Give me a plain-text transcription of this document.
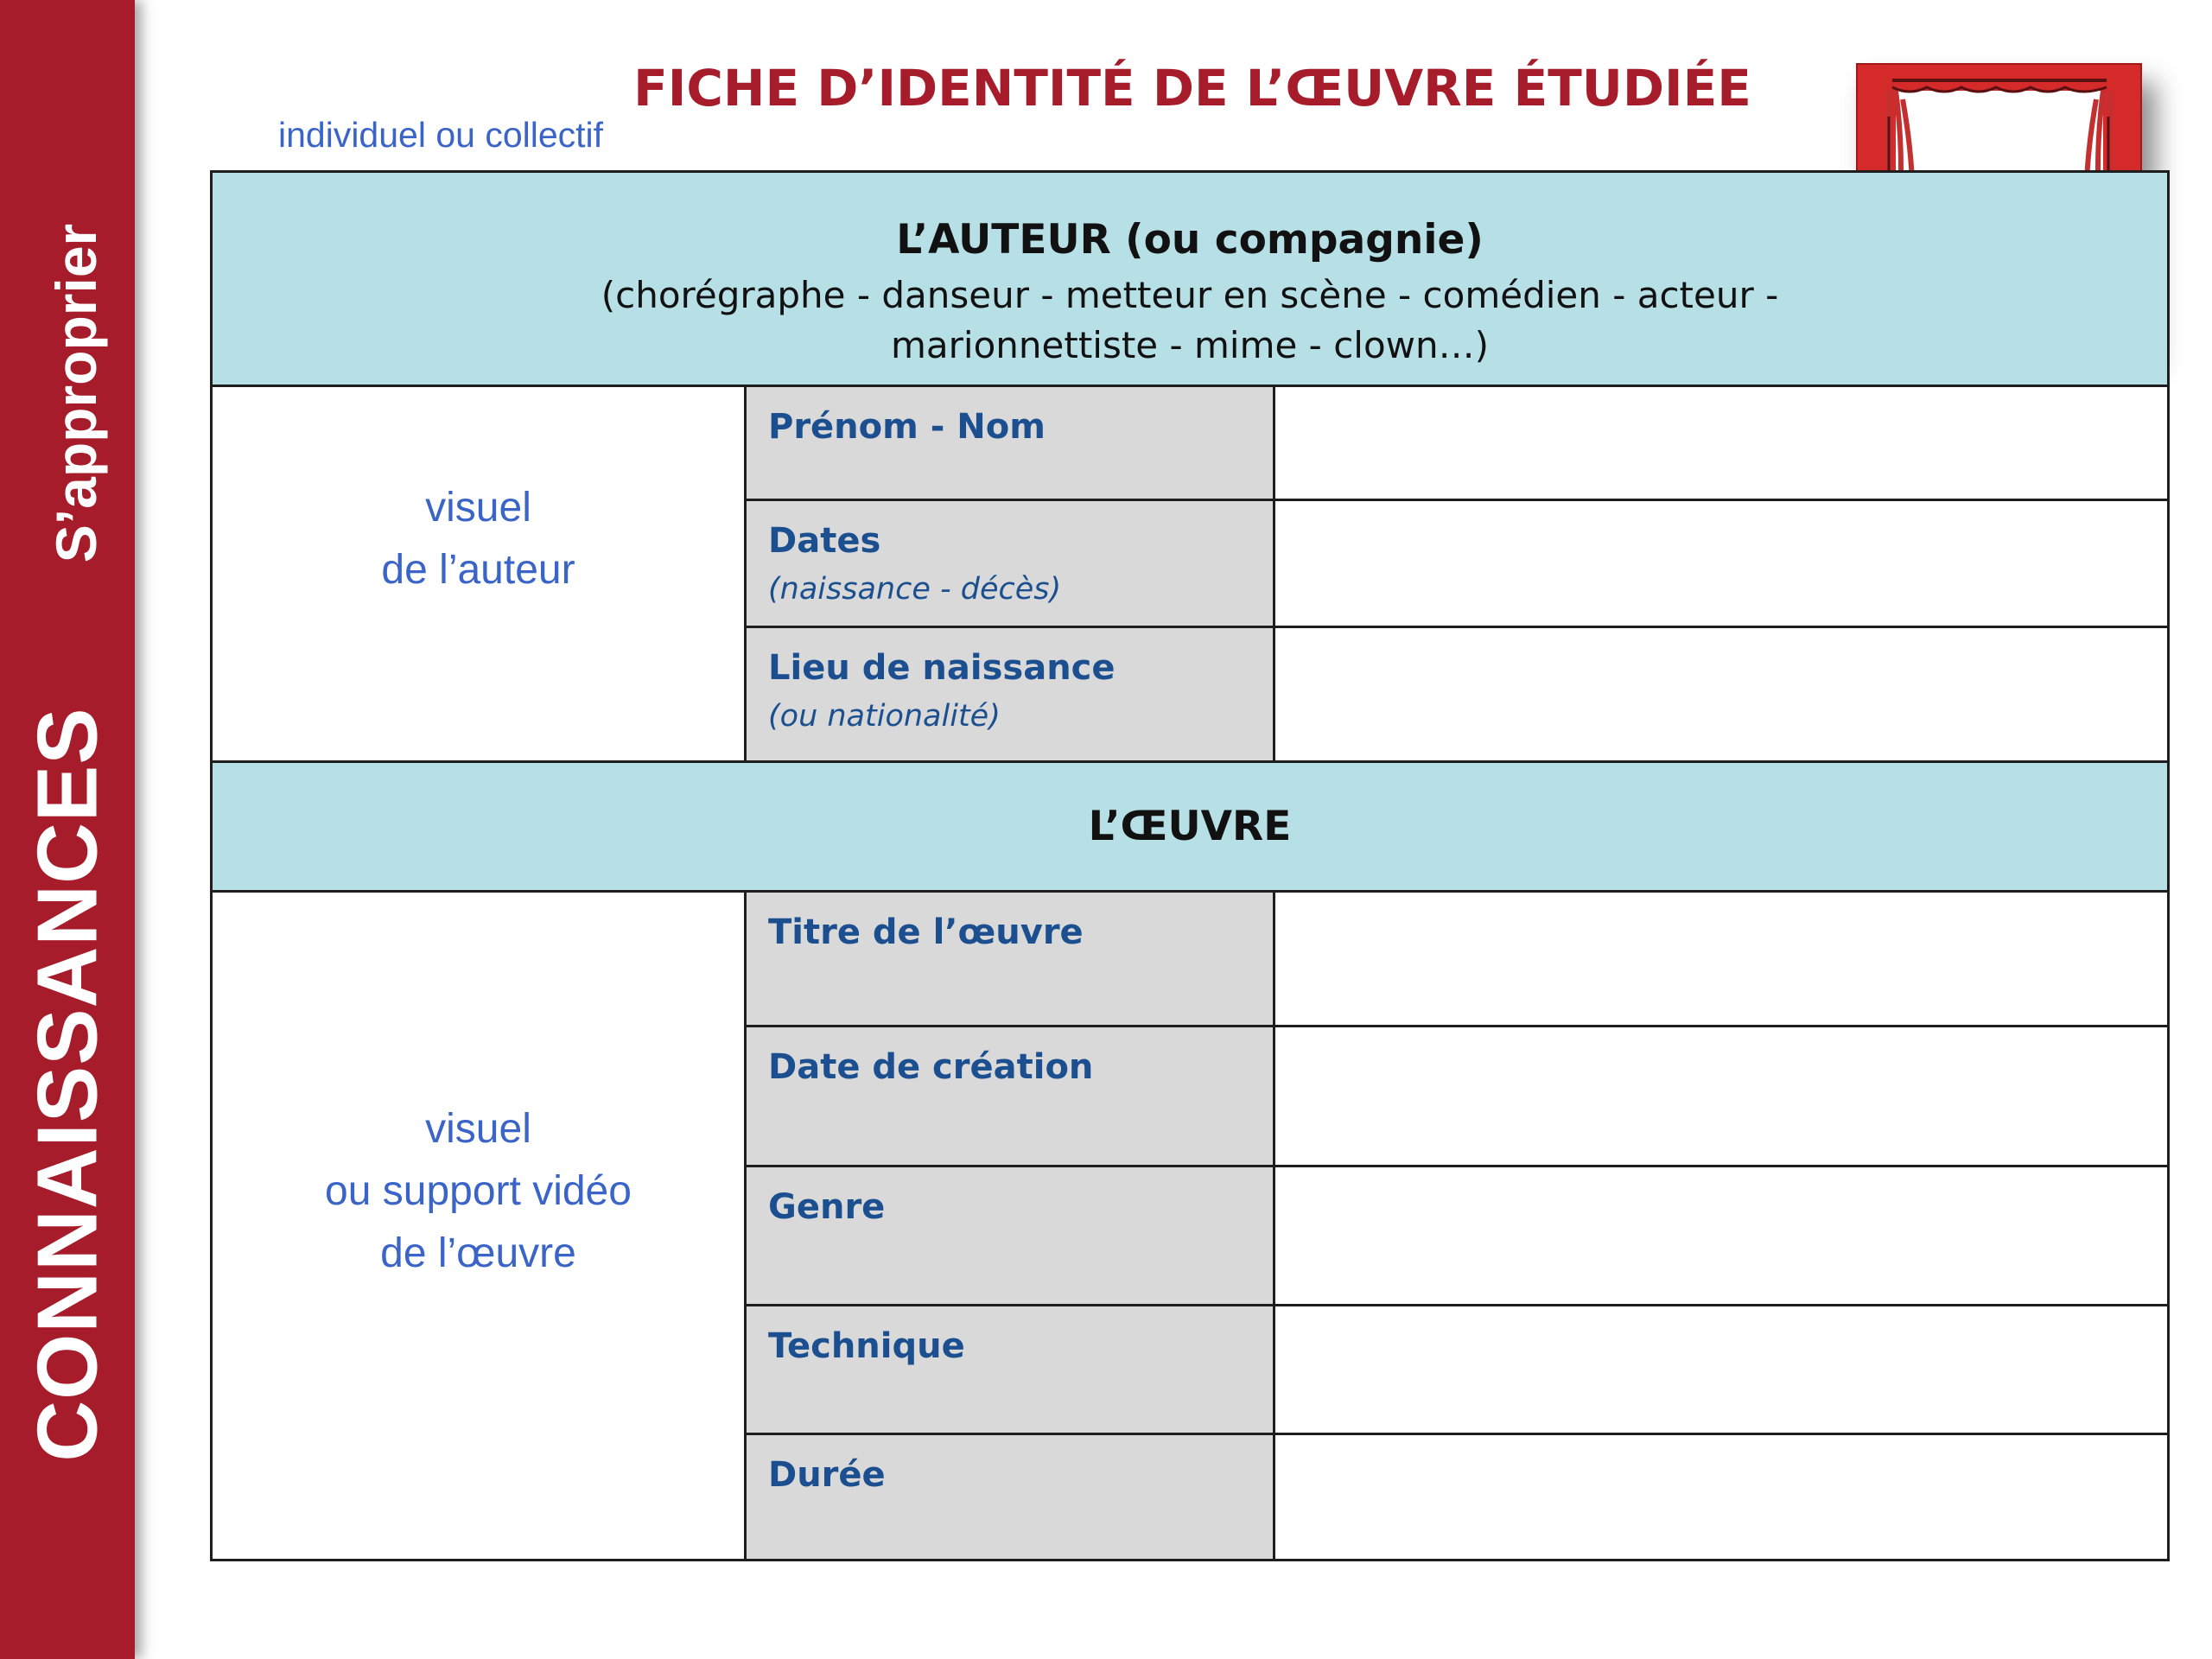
CONNAISSANCES
S’approprier
FICHE D’IDENTITÉ DE L’ŒUVRE ÉTUDIÉE
individuel ou collectif
L’AUTEUR (ou compagnie)
(chorégraphe - danseur - metteur en scène - comédien - acteur -
marionnettiste - mime - clown…)
visuel
de l’auteur
Prénom - Nom
Dates
(naissance - décès)
Lieu de naissance
(ou nationalité)
L’ŒUVRE
visuel
ou support vidéo
de l’œuvre
Titre de l’œuvre
Date de création
Genre
Technique
Durée
